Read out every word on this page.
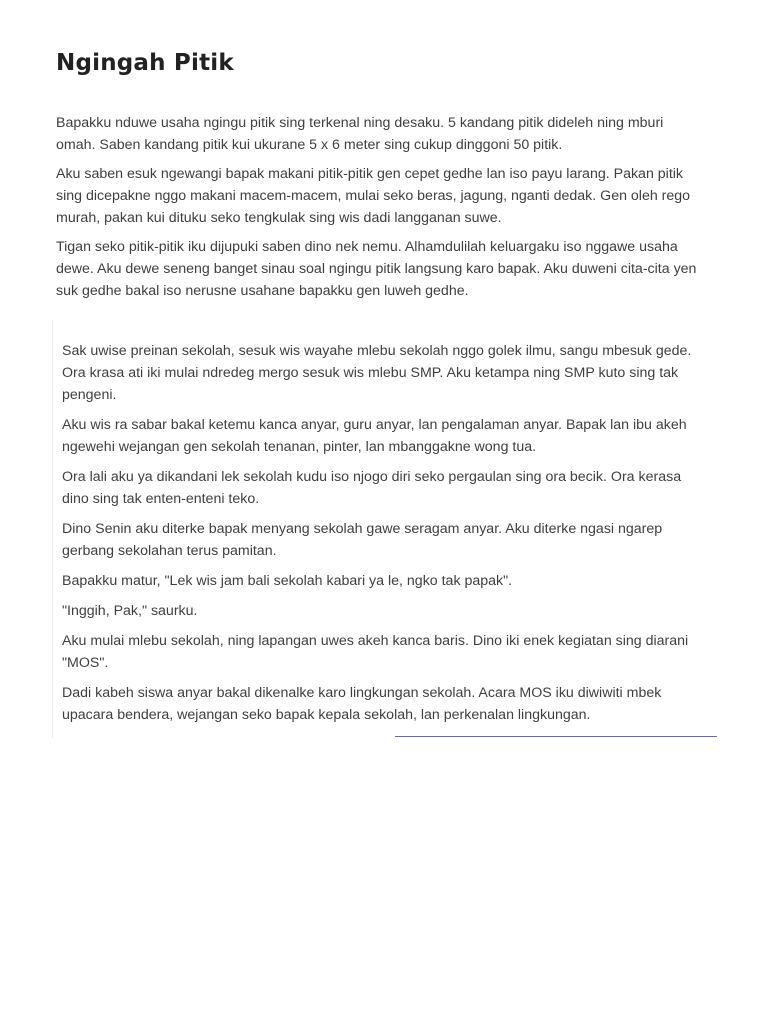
Ngingah Pitik

Bapakku nduwe usaha ngingu pitik sing terkenal ning desaku. 5 kandang pitik dideleh ning mburi omah. Saben kandang pitik kui ukurane 5 x 6 meter sing cukup dinggoni 50 pitik.

Aku saben esuk ngewangi bapak makani pitik-pitik gen cepet gedhe lan iso payu larang. Pakan pitik sing dicepakne nggo makani macem-macem, mulai seko beras, jagung, nganti dedak. Gen oleh rego murah, pakan kui dituku seko tengkulak sing wis dadi langganan suwe.

Tigan seko pitik-pitik iku dijupuki saben dino nek nemu. Alhamdulilah keluargaku iso nggawe usaha dewe. Aku dewe seneng banget sinau soal ngingu pitik langsung karo bapak. Aku duweni cita-cita yen suk gedhe bakal iso nerusne usahane bapakku gen luweh gedhe.

Sak uwise preinan sekolah, sesuk wis wayahe mlebu sekolah nggo golek ilmu, sangu mbesuk gede. Ora krasa ati iki mulai ndredeg mergo sesuk wis mlebu SMP. Aku ketampa ning SMP kuto sing tak pengeni.

Aku wis ra sabar bakal ketemu kanca anyar, guru anyar, lan pengalaman anyar. Bapak lan ibu akeh ngewehi wejangan gen sekolah tenanan, pinter, lan mbanggakne wong tua.

Ora lali aku ya dikandani lek sekolah kudu iso njogo diri seko pergaulan sing ora becik. Ora kerasa dino sing tak enten-enteni teko.

Dino Senin aku diterke bapak menyang sekolah gawe seragam anyar. Aku diterke ngasi ngarep gerbang sekolahan terus pamitan.

Bapakku matur, "Lek wis jam bali sekolah kabari ya le, ngko tak papak".

"Inggih, Pak," saurku.

Aku mulai mlebu sekolah, ning lapangan uwes akeh kanca baris. Dino iki enek kegiatan sing diarani "MOS".

Dadi kabeh siswa anyar bakal dikenalke karo lingkungan sekolah. Acara MOS iku diwiwiti mbek upacara bendera, wejangan seko bapak kepala sekolah, lan perkenalan lingkungan.
